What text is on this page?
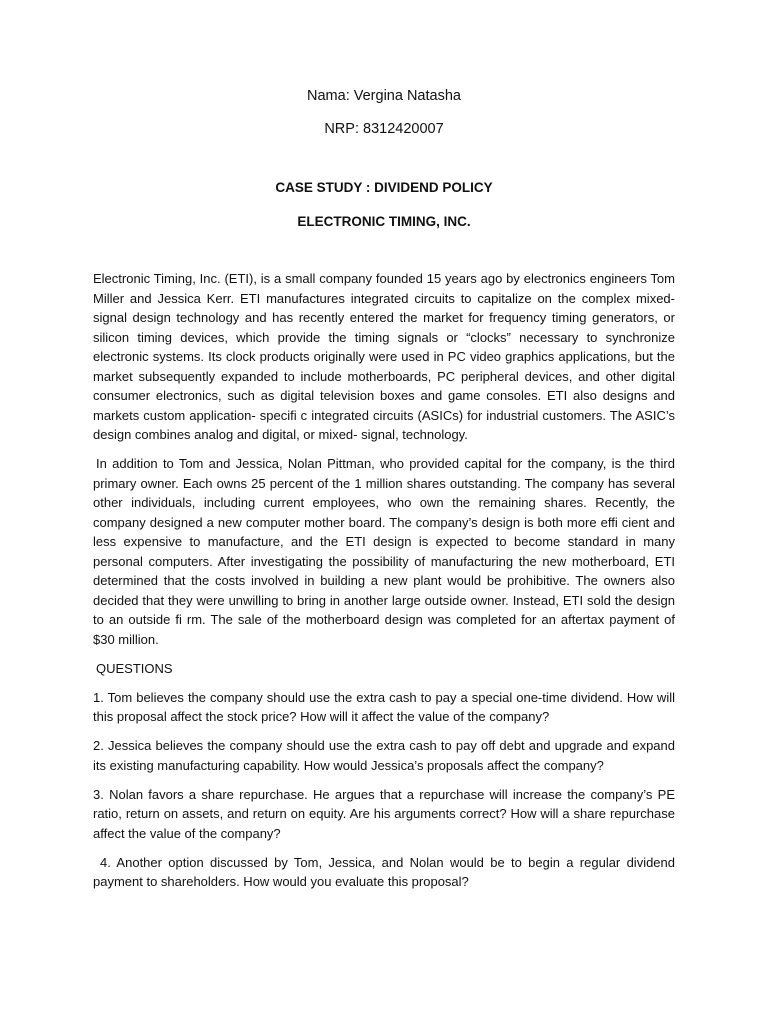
Nama: Vergina Natasha
NRP: 8312420007
CASE STUDY : DIVIDEND POLICY
ELECTRONIC TIMING, INC.

Electronic Timing, Inc. (ETI), is a small company founded 15 years ago by electronics engineers Tom Miller and Jessica Kerr. ETI manufactures integrated circuits to capitalize on the complex mixed-signal design technology and has recently entered the market for frequency timing generators, or silicon timing devices, which provide the timing signals or “clocks” necessary to synchronize electronic systems. Its clock products originally were used in PC video graphics applications, but the market subsequently expanded to include motherboards, PC peripheral devices, and other digital consumer electronics, such as digital television boxes and game consoles. ETI also designs and markets custom application- specifi c integrated circuits (ASICs) for industrial customers. The ASIC’s design combines analog and digital, or mixed- signal, technology.

In addition to Tom and Jessica, Nolan Pittman, who provided capital for the company, is the third primary owner. Each owns 25 percent of the 1 million shares outstanding. The company has several other individuals, including current employees, who own the remaining shares. Recently, the company designed a new computer mother board. The company’s design is both more effi cient and less expensive to manufacture, and the ETI design is expected to become standard in many personal computers. After investigating the possibility of manufacturing the new motherboard, ETI determined that the costs involved in building a new plant would be prohibitive. The owners also decided that they were unwilling to bring in another large outside owner. Instead, ETI sold the design to an outside fi rm. The sale of the motherboard design was completed for an aftertax payment of $30 million.

QUESTIONS

1. Tom believes the company should use the extra cash to pay a special one-time dividend. How will this proposal affect the stock price? How will it affect the value of the company?

2. Jessica believes the company should use the extra cash to pay off debt and upgrade and expand its existing manufacturing capability. How would Jessica’s proposals affect the company?

3. Nolan favors a share repurchase. He argues that a repurchase will increase the company’s PE ratio, return on assets, and return on equity. Are his arguments correct? How will a share repurchase affect the value of the company?

4. Another option discussed by Tom, Jessica, and Nolan would be to begin a regular dividend payment to shareholders. How would you evaluate this proposal?
